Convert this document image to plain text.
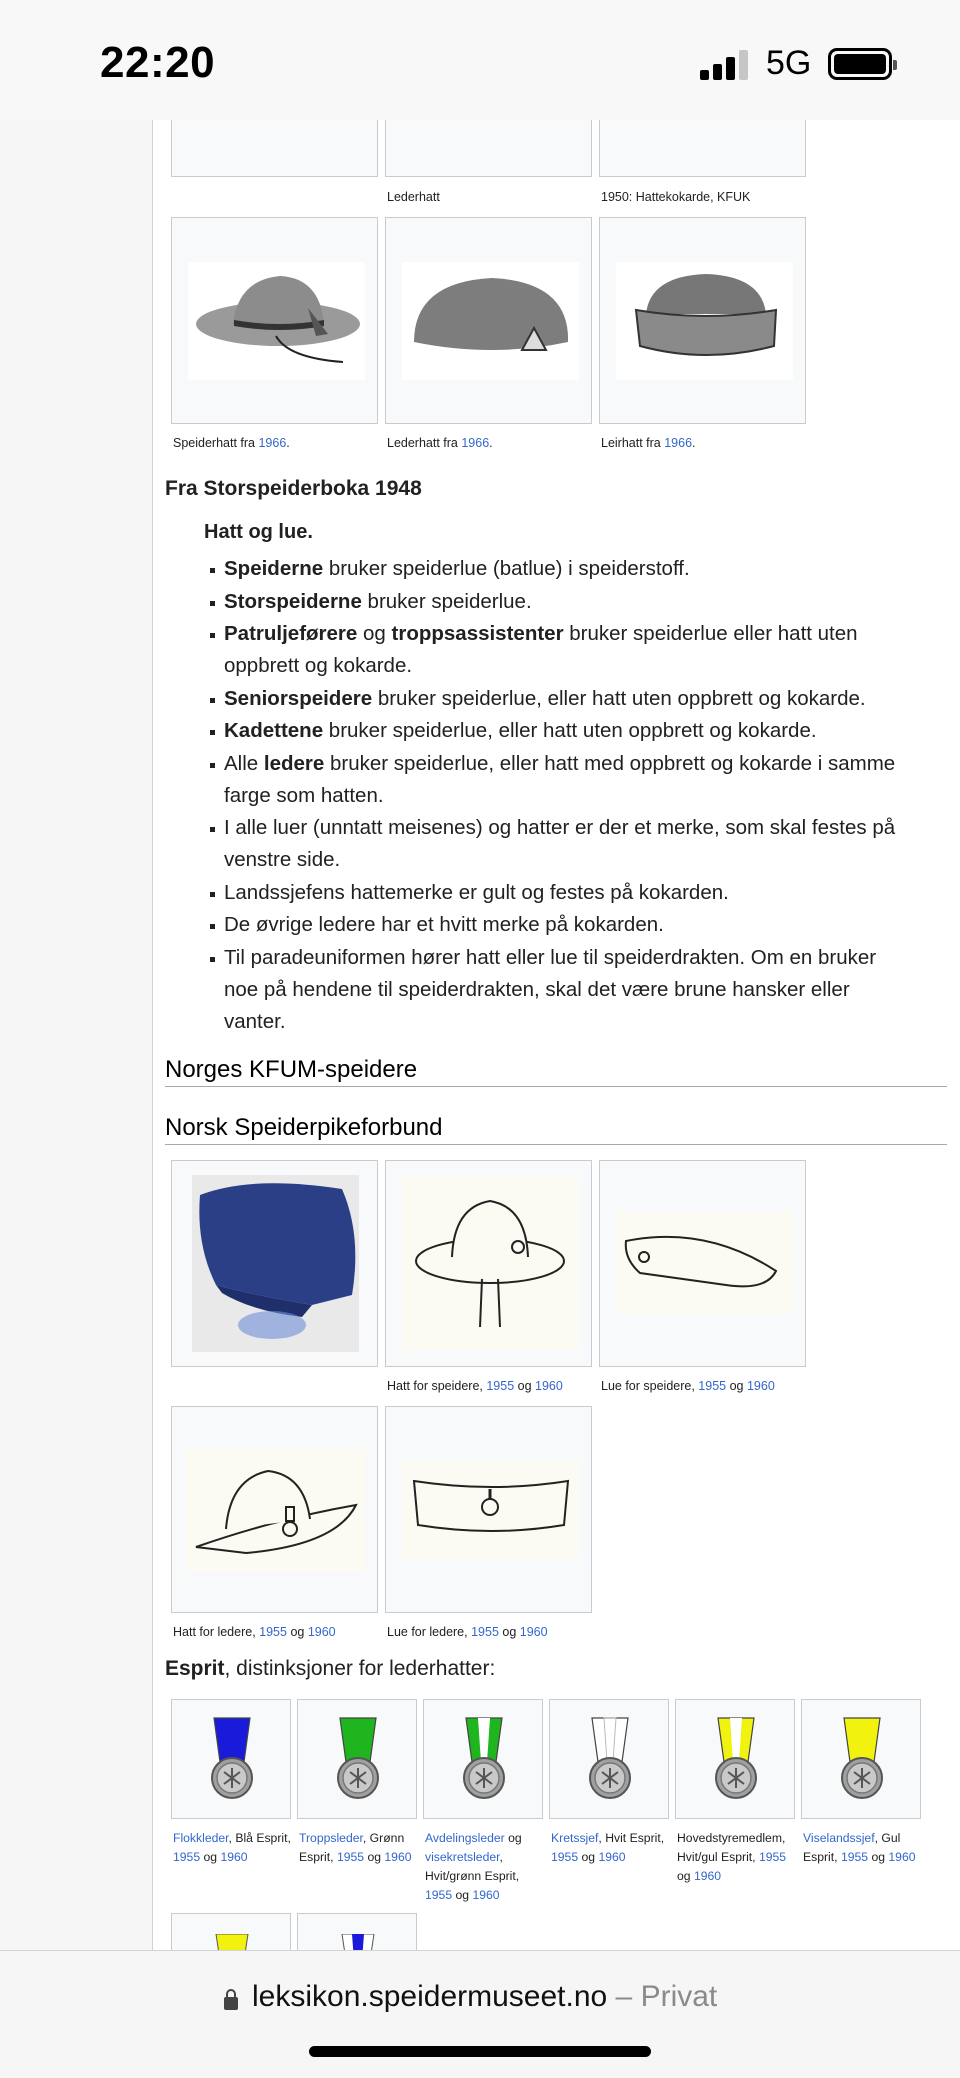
Lederhatt	1950: Hattekokarde, KFUK
Speiderhatt fra 1966.	Lederhatt fra 1966.	Leirhatt fra 1966.
Fra Storspeiderboka 1948
Hatt og lue.
Speiderne bruker speiderlue (batlue) i speiderstoff.
Storspeiderne bruker speiderlue.
Patruljeførere og troppsassistenter bruker speiderlue eller hatt uten oppbrett og kokarde.
Seniorspeidere bruker speiderlue, eller hatt uten oppbrett og kokarde.
Kadettene bruker speiderlue, eller hatt uten oppbrett og kokarde.
Alle ledere bruker speiderlue, eller hatt med oppbrett og kokarde i samme farge som hatten.
I alle luer (unntatt meisenes) og hatter er der et merke, som skal festes på venstre side.
Landssjefens hattemerke er gult og festes på kokarden.
De øvrige ledere har et hvitt merke på kokarden.
Til paradeuniformen hører hatt eller lue til speiderdrakten. Om en bruker noe på hendene til speiderdrakten, skal det være brune hansker eller vanter.
Norges KFUM-speidere
Norsk Speiderpikeforbund
Hatt for speidere, 1955 og 1960	Lue for speidere, 1955 og 1960
Hatt for ledere, 1955 og 1960	Lue for ledere, 1955 og 1960
Esprit, distinksjoner for lederhatter:
Flokkleder, Blå Esprit, 1955 og 1960
Troppsleder, Grønn Esprit, 1955 og 1960
Avdelingsleder og visekretsleder, Hvit/grønn Esprit, 1955 og 1960
Kretssjef, Hvit Esprit, 1955 og 1960
Hovedstyremedlem, Hvit/gul Esprit, 1955 og 1960
Viselandssjef, Gul Esprit, 1955 og 1960
22:20	5G
leksikon.speidermuseet.no – Privat
